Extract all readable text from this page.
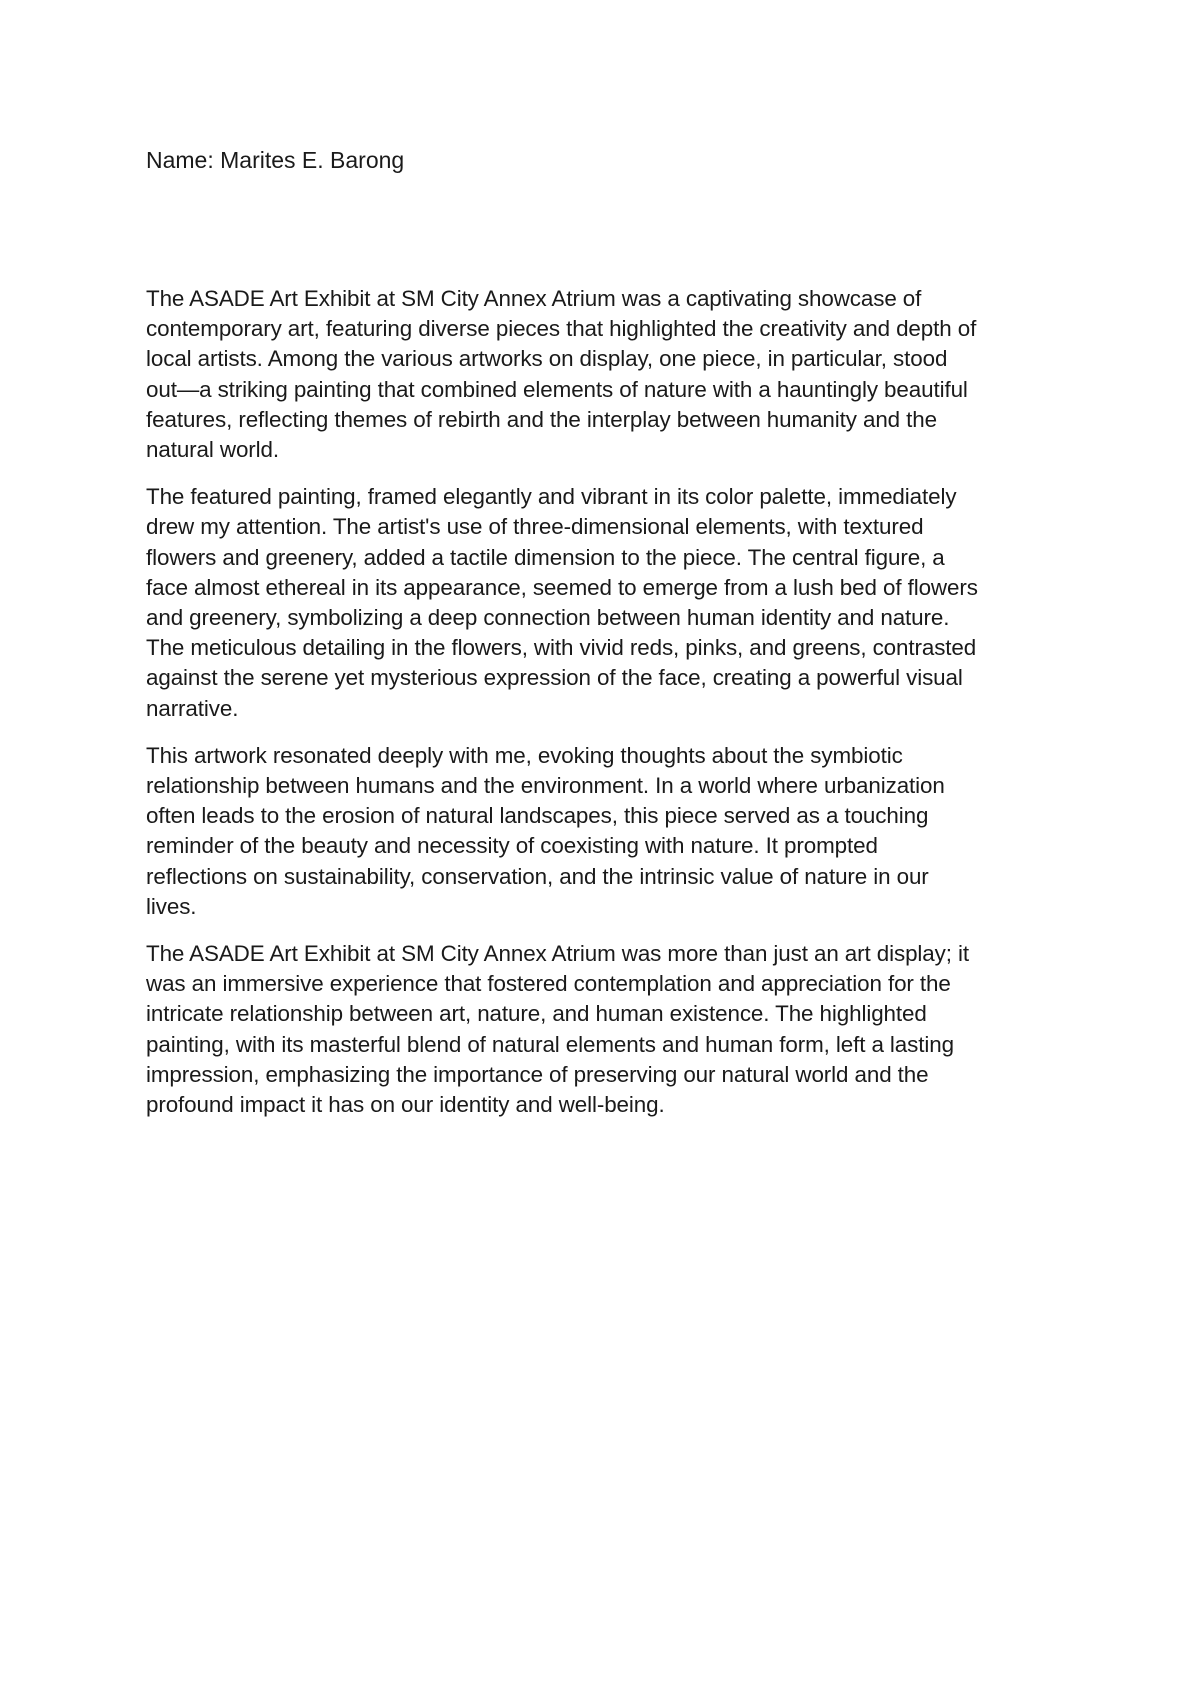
Name: Marites E. Barong

The ASADE Art Exhibit at SM City Annex Atrium was a captivating showcase of
contemporary art, featuring diverse pieces that highlighted the creativity and depth of
local artists. Among the various artworks on display, one piece, in particular, stood
out—a striking painting that combined elements of nature with a hauntingly beautiful
features, reflecting themes of rebirth and the interplay between humanity and the
natural world.

The featured painting, framed elegantly and vibrant in its color palette, immediately
drew my attention. The artist's use of three-dimensional elements, with textured
flowers and greenery, added a tactile dimension to the piece. The central figure, a
face almost ethereal in its appearance, seemed to emerge from a lush bed of flowers
and greenery, symbolizing a deep connection between human identity and nature.
The meticulous detailing in the flowers, with vivid reds, pinks, and greens, contrasted
against the serene yet mysterious expression of the face, creating a powerful visual
narrative.

This artwork resonated deeply with me, evoking thoughts about the symbiotic
relationship between humans and the environment. In a world where urbanization
often leads to the erosion of natural landscapes, this piece served as a touching
reminder of the beauty and necessity of coexisting with nature. It prompted
reflections on sustainability, conservation, and the intrinsic value of nature in our
lives.

The ASADE Art Exhibit at SM City Annex Atrium was more than just an art display; it
was an immersive experience that fostered contemplation and appreciation for the
intricate relationship between art, nature, and human existence. The highlighted
painting, with its masterful blend of natural elements and human form, left a lasting
impression, emphasizing the importance of preserving our natural world and the
profound impact it has on our identity and well-being.
